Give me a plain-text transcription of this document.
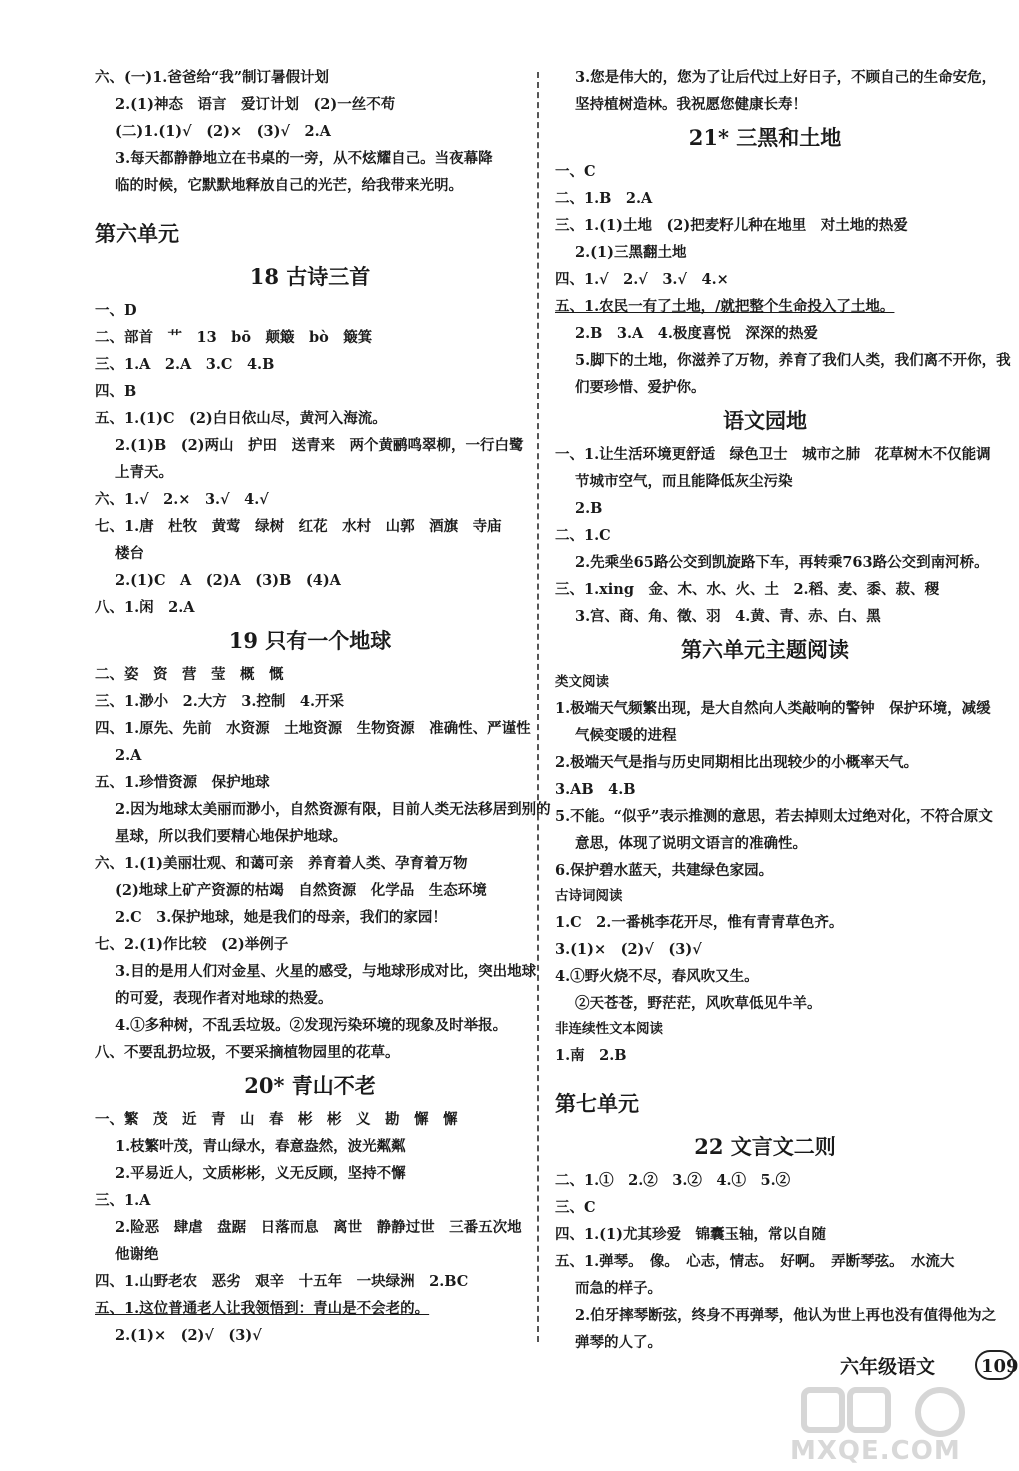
六、(一)1.爸爸给“我”制订暑假计划
2.(1)神态　语言　爱订计划　(2)一丝不苟
(二)1.(1)√　(2)×　(3)√　2.A
3.每天都静静地立在书桌的一旁，从不炫耀自己。当夜幕降
临的时候，它默默地释放自己的光芒，给我带来光明。
第六单元
18 古诗三首
一、D
二、部首　艹　13　bō　颠簸　bò　簸箕
三、1.A　2.A　3.C　4.B
四、B
五、1.(1)C　(2)白日依山尽，黄河入海流。
2.(1)B　(2)两山　护田　送青来　两个黄鹂鸣翠柳，一行白鹭
上青天。
六、1.√　2.×　3.√　4.√
七、1.唐　杜牧　黄莺　绿树　红花　水村　山郭　酒旗　寺庙
楼台
2.(1)C　A　(2)A　(3)B　(4)A
八、1.闲　2.A
19 只有一个地球
二、姿　资　营　莹　概　慨
三、1.渺小　2.大方　3.控制　4.开采
四、1.原先、先前　水资源　土地资源　生物资源　准确性、严谨性
2.A
五、1.珍惜资源　保护地球
2.因为地球太美丽而渺小，自然资源有限，目前人类无法移居到别的
星球，所以我们要精心地保护地球。
六、1.(1)美丽壮观、和蔼可亲　养育着人类、孕育着万物
(2)地球上矿产资源的枯竭　自然资源　化学品　生态环境
2.C　3.保护地球，她是我们的母亲，我们的家园！
七、2.(1)作比较　(2)举例子
3.目的是用人们对金星、火星的感受，与地球形成对比，突出地球
的可爱，表现作者对地球的热爱。
4.①多种树，不乱丢垃圾。②发现污染环境的现象及时举报。
八、不要乱扔垃圾，不要采摘植物园里的花草。
20* 青山不老
一、繁　茂　近　青　山　春　彬　彬　义　勘　懈　懈
1.枝繁叶茂，青山绿水，春意盎然，波光粼粼
2.平易近人，文质彬彬，义无反顾，坚持不懈
三、1.A
2.险恶　肆虐　盘踞　日落而息　离世　静静过世　三番五次地
他谢绝
四、1.山野老农　恶劣　艰辛　十五年　一块绿洲　2.BC
五、1.这位普通老人让我领悟到：青山是不会老的。
2.(1)×　(2)√　(3)√
3.您是伟大的，您为了让后代过上好日子，不顾自己的生命安危，
坚持植树造林。我祝愿您健康长寿！
21* 三黑和土地
一、C
二、1.B　2.A
三、1.(1)土地　(2)把麦籽儿种在地里　对土地的热爱
2.(1)三黑翻土地
四、1.√　2.√　3.√　4.×
五、1.农民一有了土地，/就把整个生命投入了土地。
2.B　3.A　4.极度喜悦　深深的热爱
5.脚下的土地，你滋养了万物，养育了我们人类，我们离不开你，我
们要珍惜、爱护你。
语文园地
一、1.让生活环境更舒适　绿色卫士　城市之肺　花草树木不仅能调
节城市空气，而且能降低灰尘污染
2.B
二、1.C
2.先乘坐65路公交到凯旋路下车，再转乘763路公交到南河桥。
三、1.xing　金、木、水、火、土　2.稻、麦、黍、菽、稷
3.宫、商、角、徵、羽　4.黄、青、赤、白、黑
第六单元主题阅读
类文阅读
1.极端天气频繁出现，是大自然向人类敲响的警钟　保护环境，减缓
气候变暖的进程
2.极端天气是指与历史同期相比出现较少的小概率天气。
3.AB　4.B
5.不能。“似乎”表示推测的意思，若去掉则太过绝对化，不符合原文
意思，体现了说明文语言的准确性。
6.保护碧水蓝天，共建绿色家园。
古诗词阅读
1.C　2.一番桃李花开尽，惟有青青草色齐。
3.(1)×　(2)√　(3)√
4.①野火烧不尽，春风吹又生。
②天苍苍，野茫茫，风吹草低见牛羊。
非连续性文本阅读
1.南　2.B
第七单元
22 文言文二则
二、1.①　2.②　3.②　4.①　5.②
三、C
四、1.(1)尤其珍爱　锦囊玉轴，常以自随
五、1.弹琴。　像。　心志，情志。　好啊。　弄断琴弦。　水流大
而急的样子。
2.伯牙摔琴断弦，终身不再弹琴，他认为世上再也没有值得他为之
弹琴的人了。
六年级语文	109
MXQE.COM
